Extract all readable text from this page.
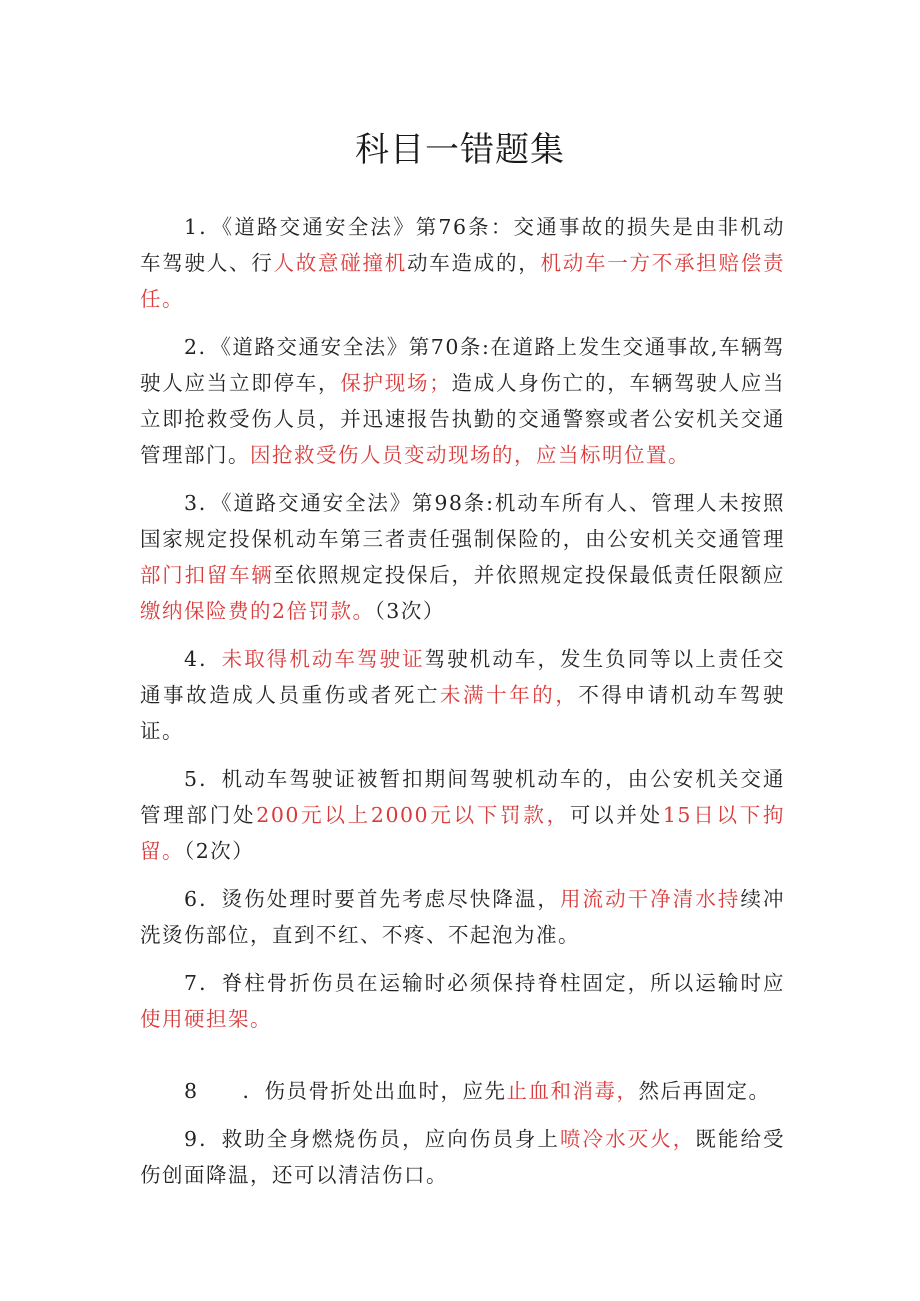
科目一错题集

1．《道路交通安全法》第76条：交通事故的损失是由非机动车驾驶人、行人故意碰撞机动车造成的，机动车一方不承担赔偿责任。

2．《道路交通安全法》第70条:在道路上发生交通事故,车辆驾驶人应当立即停车，保护现场；造成人身伤亡的，车辆驾驶人应当立即抢救受伤人员，并迅速报告执勤的交通警察或者公安机关交通管理部门。因抢救受伤人员变动现场的，应当标明位置。

3．《道路交通安全法》第98条:机动车所有人、管理人未按照国家规定投保机动车第三者责任强制保险的，由公安机关交通管理部门扣留车辆至依照规定投保后，并依照规定投保最低责任限额应缴纳保险费的2倍罚款。（3次）

4．未取得机动车驾驶证驾驶机动车，发生负同等以上责任交通事故造成人员重伤或者死亡未满十年的，不得申请机动车驾驶证。

5．机动车驾驶证被暂扣期间驾驶机动车的，由公安机关交通管理部门处200元以上2000元以下罚款，可以并处15日以下拘留。（2次）

6．烫伤处理时要首先考虑尽快降温，用流动干净清水持续冲洗烫伤部位，直到不红、不疼、不起泡为准。

7．脊柱骨折伤员在运输时必须保持脊柱固定，所以运输时应使用硬担架。

8　　．伤员骨折处出血时，应先止血和消毒，然后再固定。

9．救助全身燃烧伤员，应向伤员身上喷冷水灭火，既能给受伤创面降温，还可以清洁伤口。
